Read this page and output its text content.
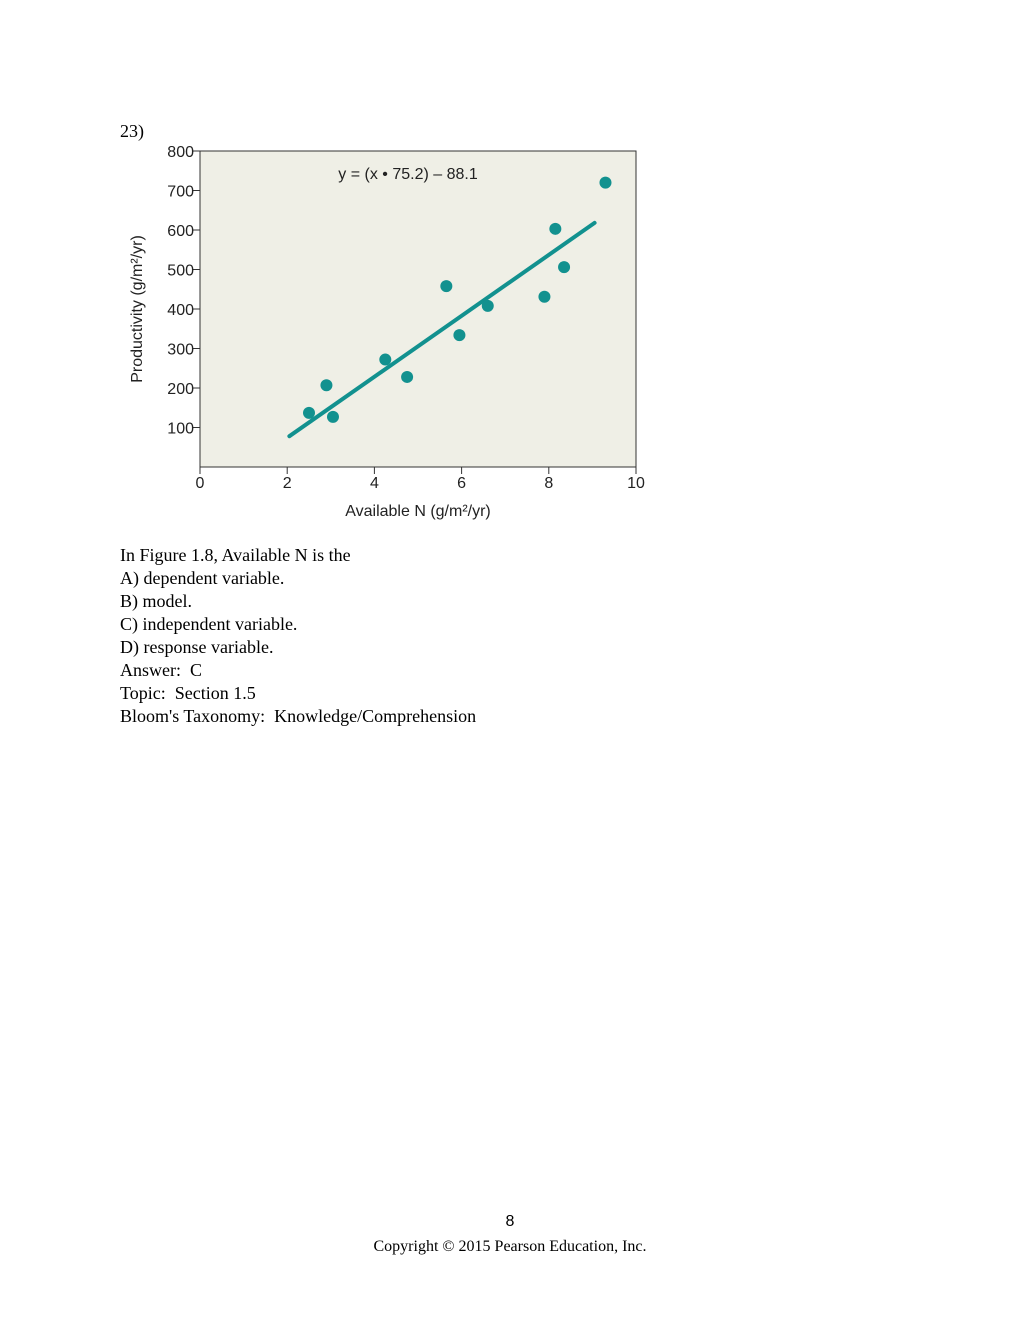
23)
100
200
300
400
500
600
700
800
0	2	4	6	8	10
y = (x • 75.2) – 88.1
Available N (g/m²/yr)
Productivity (g/m²/yr)
In Figure 1.8, Available N is the
A) dependent variable.
B) model.
C) independent variable.
D) response variable.
Answer:  C
Topic:  Section 1.5
Bloom's Taxonomy:  Knowledge/Comprehension
8
Copyright © 2015 Pearson Education, Inc.
